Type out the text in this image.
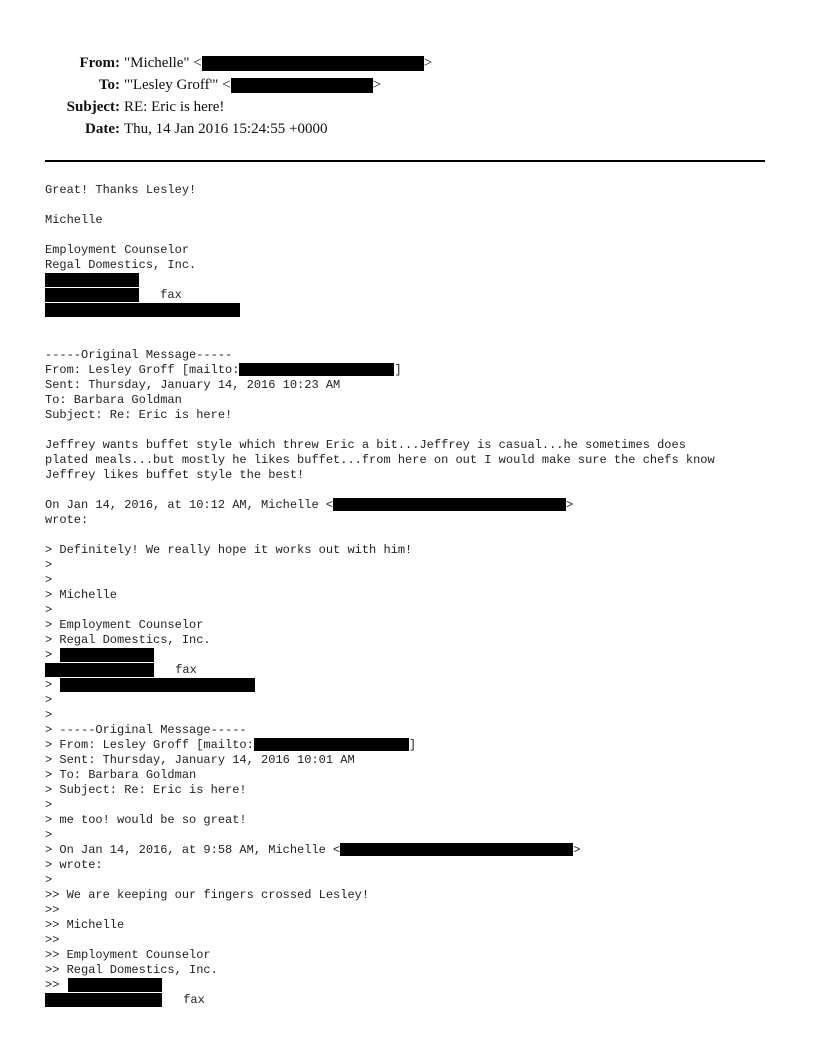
From: "Michelle" <	>
To: "'Lesley Groff'" <	>
Subject: RE: Eric is here!
Date: Thu, 14 Jan 2016 15:24:55 +0000
Great! Thanks Lesley!
Michelle
Employment Counselor
Regal Domestics, Inc.
fax
-----Original Message-----
From: Lesley Groff [mailto:	]
Sent: Thursday, January 14, 2016 10:23 AM
To: Barbara Goldman
Subject: Re: Eric is here!
Jeffrey wants buffet style which threw Eric a bit...Jeffrey is casual...he sometimes does
plated meals...but mostly he likes buffet...from here on out I would make sure the chefs know
Jeffrey likes buffet style the best!
On Jan 14, 2016, at 10:12 AM, Michelle <	>
wrote:
> Definitely! We really hope it works out with him!
>
>
> Michelle
>
> Employment Counselor
> Regal Domestics, Inc.
>
fax
>
>
>
> -----Original Message-----
> From: Lesley Groff [mailto:	]
> Sent: Thursday, January 14, 2016 10:01 AM
> To: Barbara Goldman
> Subject: Re: Eric is here!
>
> me too! would be so great!
>
> On Jan 14, 2016, at 9:58 AM, Michelle <	>
> wrote:
>
>> We are keeping our fingers crossed Lesley!
>>
>> Michelle
>>
>> Employment Counselor
>> Regal Domestics, Inc.
>>
fax
